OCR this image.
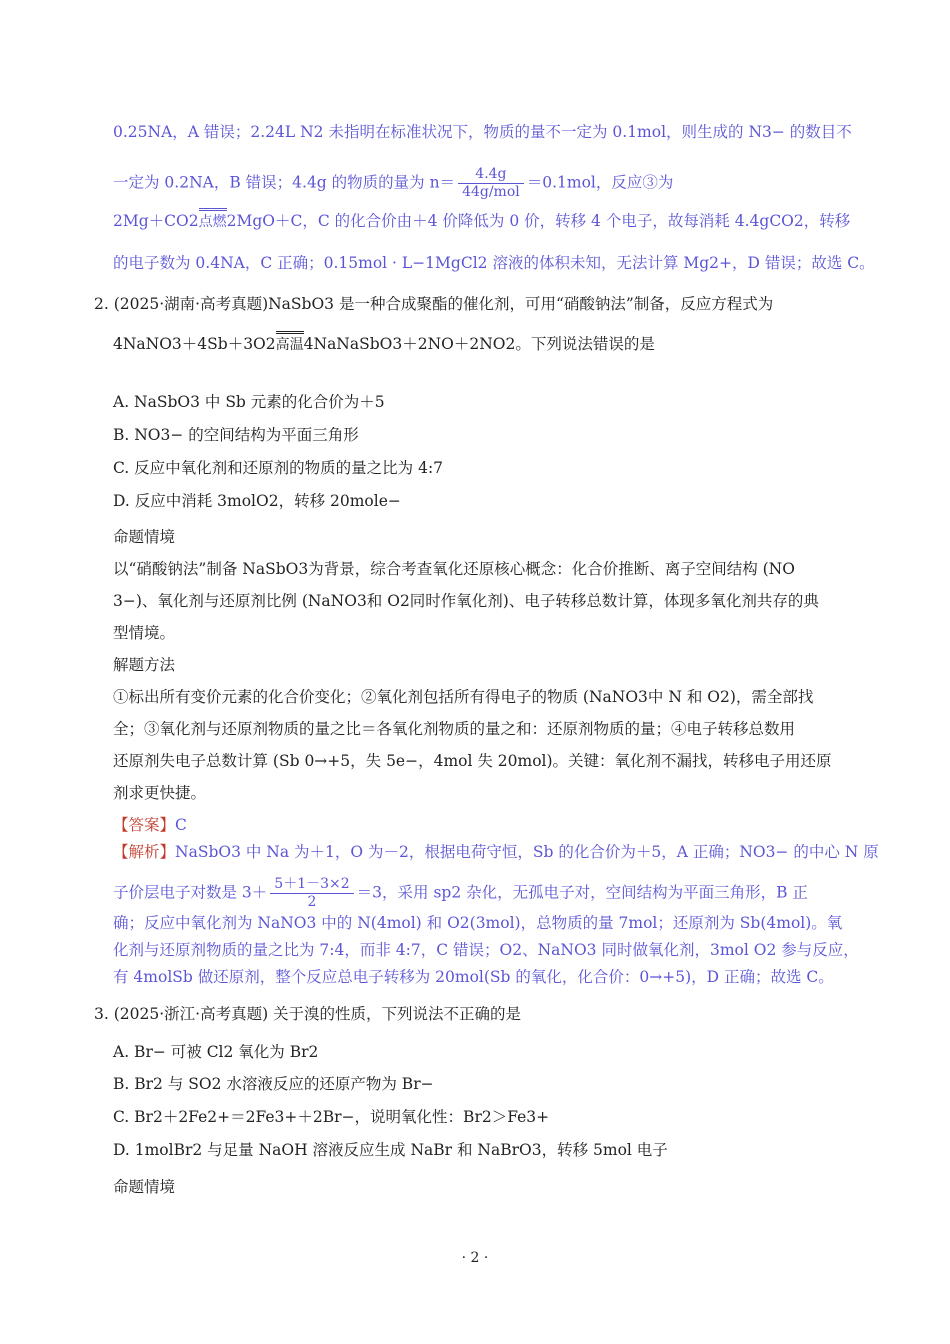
0.25NA，A 错误；2.24L N2 未指明在标准状况下，物质的量不一定为 0.1mol，则生成的 N3− 的数目不
一定为 0.2NA，B 错误；4.4g 的物质的量为 $n= \frac{4.4g}{\text{44g/mol}} =0.1mol$，反应③为
2Mg＋CO2点燃2MgO＋C，C 的化合价由＋4 价降低为 0 价，转移 4 个电子，故每消耗 4.4gCO2，转移
的电子数为 0.4NA，C 正确；0.15mol · L−1MgCl2 溶液的体积未知，无法计算 Mg2+，D 错误；故选 C。
2. (2025·湖南·高考真题)NaSbO3 是一种合成聚酯的催化剂，可用“硝酸钠法”制备，反应方程式为
4NaNO3＋4Sb＋3O2高温4NaNaSbO3＋2NO＋2NO2。下列说法错误的是
A. NaSbO3 中 Sb 元素的化合价为＋5
B. NO3− 的空间结构为平面三角形
C. 反应中氧化剂和还原剂的物质的量之比为 4:7
D. 反应中消耗 3molO2，转移 20mole−
命题情境
以“硝酸钠法”制备 NaSbO3为背景，综合考查氧化还原核心概念：化合价推断、离子空间结构 (NO
3−)、氧化剂与还原剂比例 (NaNO3和 O2同时作氧化剂)、电子转移总数计算，体现多氧化剂共存的典
型情境。
解题方法
①标出所有变价元素的化合价变化；②氧化剂包括所有得电子的物质 (NaNO3中 N 和 O2)，需全部找
全；③氧化剂与还原剂物质的量之比＝各氧化剂物质的量之和：还原剂物质的量；④电子转移总数用
还原剂失电子总数计算 (Sb 0→+5，失 5e−，4mol 失 20mol)。关键：氧化剂不漏找，转移电子用还原
剂求更快捷。
【答案】C
【解析】NaSbO3 中 Na 为＋1，O 为－2，根据电荷守恒，Sb 的化合价为＋5，A 正确；NO3− 的中心 N 原
子价层电子对数是 $3+ \frac{5+1-3\times 2}{2} =3$，采用 sp2 杂化，无孤电子对，空间结构为平面三角形，B 正
确；反应中氧化剂为 NaNO3 中的 N(4mol) 和 O2(3mol)，总物质的量 7mol；还原剂为 Sb(4mol)。氧
化剂与还原剂物质的量之比为 7:4，而非 4:7，C 错误；O2、NaNO3 同时做氧化剂，3mol O2 参与反应，
有 4molSb 做还原剂，整个反应总电子转移为 20mol(Sb 的氧化，化合价：0→+5)，D 正确；故选 C。
3. (2025·浙江·高考真题) 关于溴的性质，下列说法不正确的是
A. Br− 可被 Cl2 氧化为 Br2
B. Br2 与 SO2 水溶液反应的还原产物为 Br−
C. Br2＋2Fe2+＝2Fe3+＋2Br−，说明氧化性：Br2＞Fe3+
D. 1molBr2 与足量 NaOH 溶液反应生成 NaBr 和 NaBrO3，转移 5mol 电子
命题情境
· 2 ·
